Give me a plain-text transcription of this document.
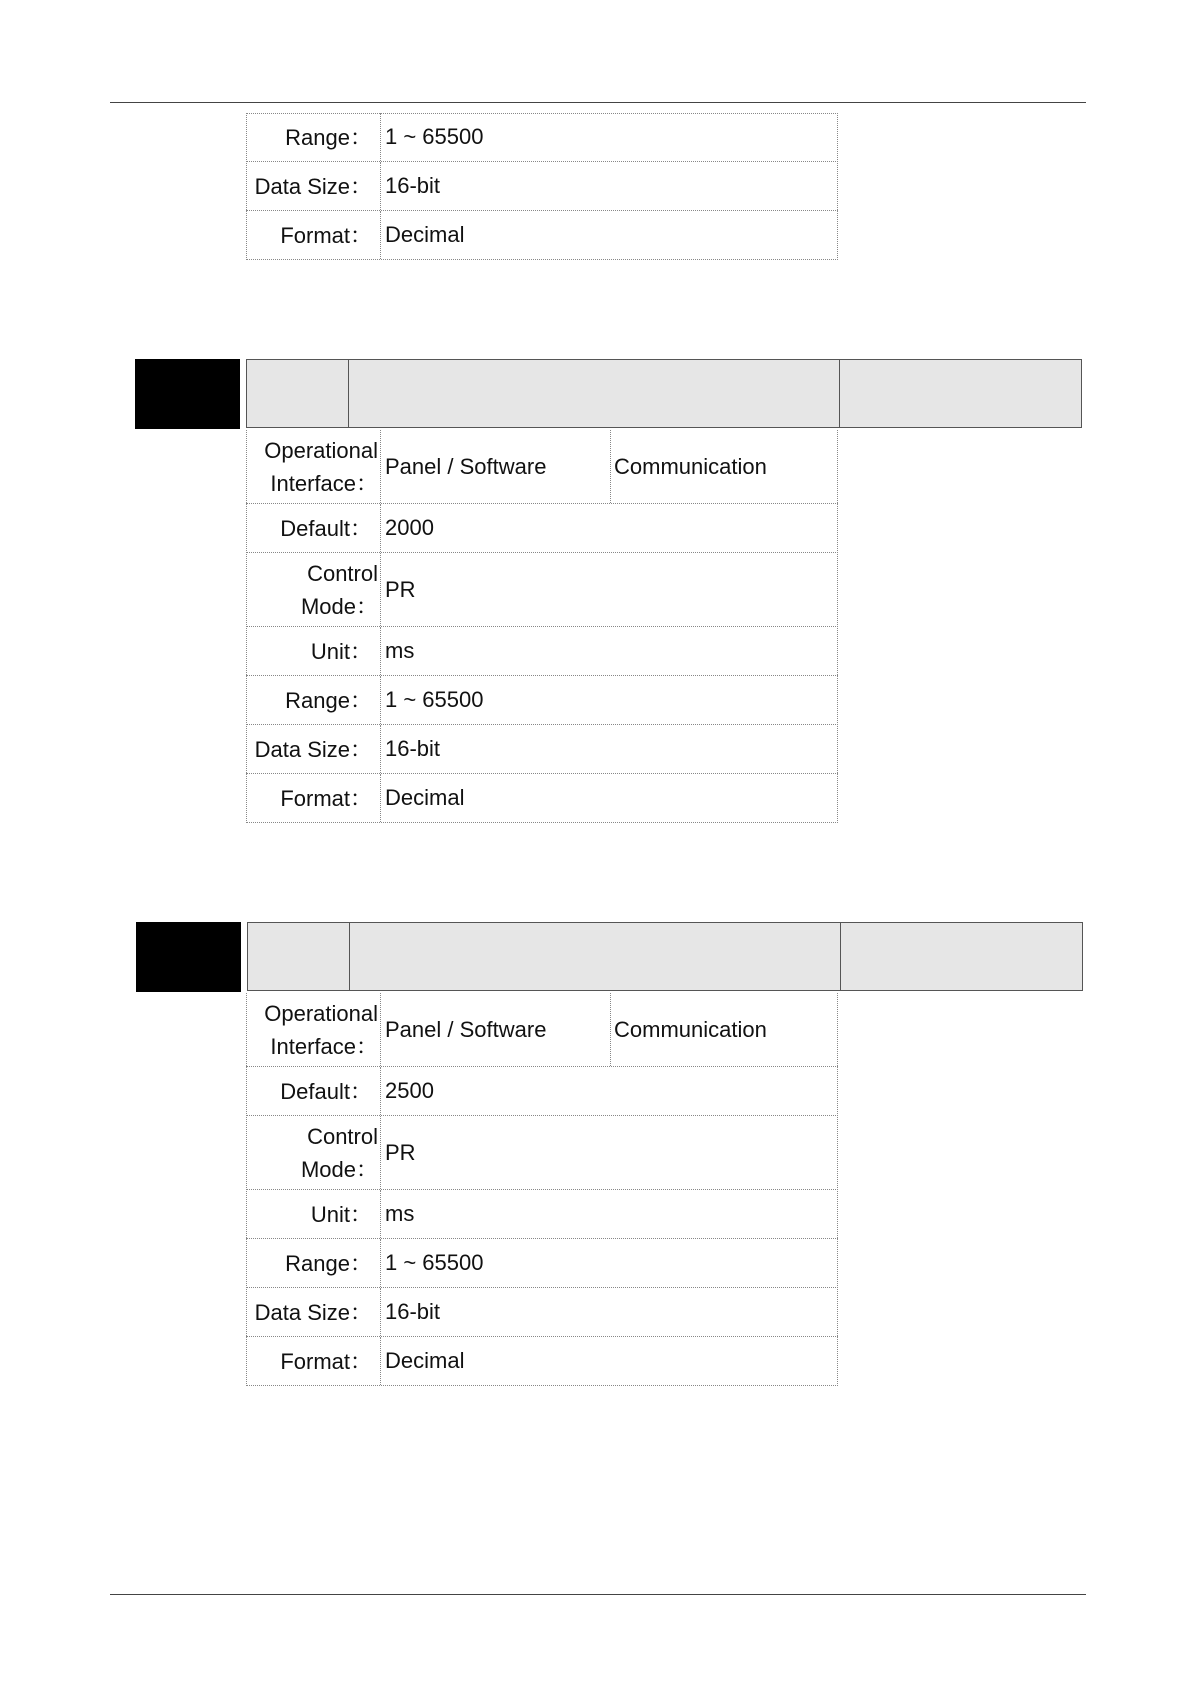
Range： 1 ~ 65500
Data Size： 16-bit
Format： Decimal
Operational Interface：
Panel / Software	Communication
Default： 2000
Control Mode：
PR
Unit： ms
Range： 1 ~ 65500
Data Size： 16-bit
Format： Decimal
Operational Interface：
Panel / Software	Communication
Default： 2500
Control Mode：
PR
Unit： ms
Range： 1 ~ 65500
Data Size： 16-bit
Format： Decimal
